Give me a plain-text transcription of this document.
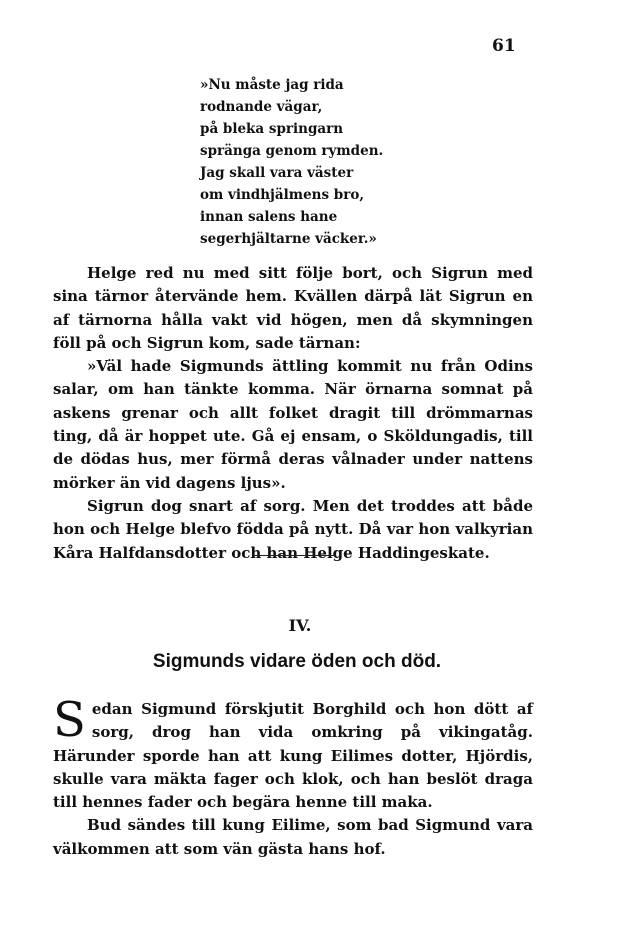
61
»Nu måste jag rida
rodnande vägar,
på bleka springarn
spränga genom rymden.
Jag skall vara väster
om vindhjälmens bro,
innan salens hane
segerhjältarne väcker.»

Helge red nu med sitt följe bort, och Sigrun med sina tärnor återvände hem. Kvällen därpå lät Sigrun en af tärnorna hålla vakt vid högen, men då skymningen föll på och Sigrun kom, sade tärnan:

»Väl hade Sigmunds ättling kommit nu från Odins salar, om han tänkte komma. När örnarna somnat på askens grenar och allt folket dragit till drömmarnas ting, då är hoppet ute. Gå ej ensam, o Sköldungadis, till de dödas hus, mer förmå deras vålnader under nattens mörker än vid dagens ljus».

Sigrun dog snart af sorg. Men det troddes att både hon och Helge blefvo födda på nytt. Då var hon valkyrian Kåra Halfdansdotter och han Helge Haddingeskate.

IV.
Sigmunds vidare öden och död.

Sedan Sigmund förskjutit Borghild och hon dött af sorg, drog han vida omkring på vikingatåg. Härunder sporde han att kung Eilimes dotter, Hjördis, skulle vara mäkta fager och klok, och han beslöt draga till hennes fader och begära henne till maka.

Bud sändes till kung Eilime, som bad Sigmund vara välkommen att som vän gästa hans hof.
